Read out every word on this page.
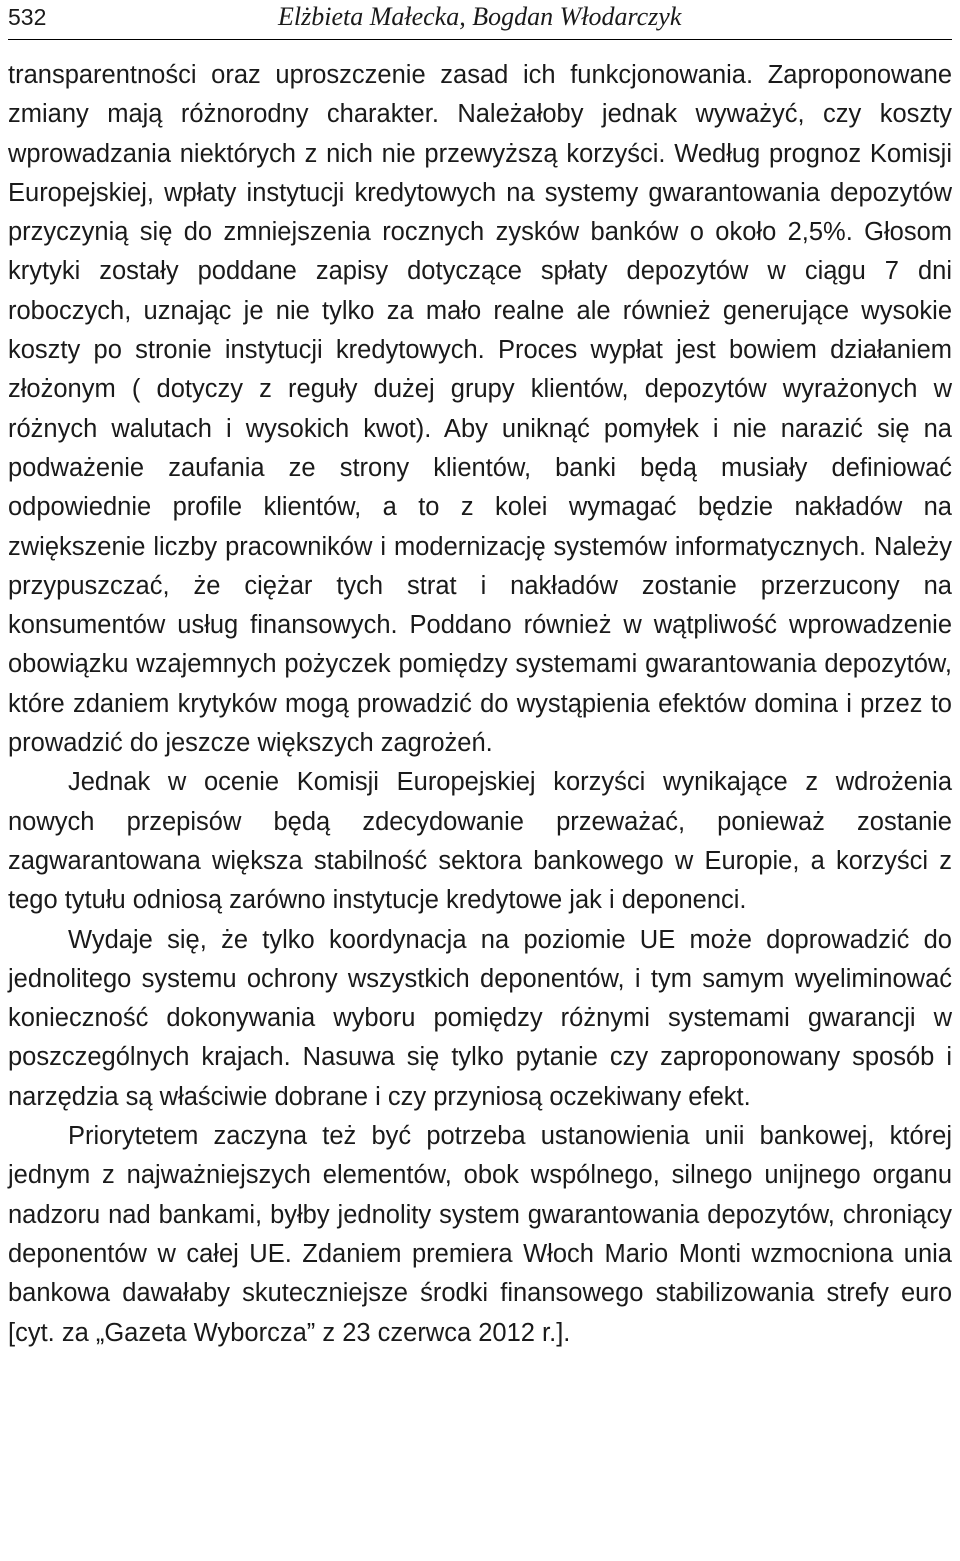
532	Elżbieta Małecka, Bogdan Włodarczyk

transparentności oraz uproszczenie zasad ich funkcjonowania. Zaproponowane zmiany mają różnorodny charakter. Należałoby jednak wyważyć, czy koszty wprowadzania niektórych z nich nie przewyższą korzyści. Według prognoz Komisji Europejskiej, wpłaty instytucji kredytowych na systemy gwarantowania depozytów przyczynią się do zmniejszenia rocznych zysków banków o około 2,5%. Głosom krytyki zostały poddane zapisy dotyczące spłaty depozytów w ciągu 7 dni roboczych, uznając je nie tylko za mało realne ale również generujące wysokie koszty po stronie instytucji kredytowych. Proces wypłat jest bowiem działaniem złożonym ( dotyczy z reguły dużej grupy klientów, depozytów wyrażonych w różnych walutach i wysokich kwot). Aby uniknąć pomyłek i nie narazić się na podważenie zaufania ze strony klientów, banki będą musiały definiować odpowiednie profile klientów, a to z kolei wymagać będzie nakładów na zwiększenie liczby pracowników i modernizację systemów informatycznych. Należy przypuszczać, że ciężar tych strat i nakładów zostanie przerzucony na konsumentów usług finansowych. Poddano również w wątpliwość wprowadzenie obowiązku wzajemnych pożyczek pomiędzy systemami gwarantowania depozytów, które zdaniem krytyków mogą prowadzić do wystąpienia efektów domina i przez to prowadzić do jeszcze większych zagrożeń.

Jednak w ocenie Komisji Europejskiej korzyści wynikające z wdrożenia nowych przepisów będą zdecydowanie przeważać, ponieważ zostanie zagwarantowana większa stabilność sektora bankowego w Europie, a korzyści z tego tytułu odniosą zarówno instytucje kredytowe jak i deponenci.

Wydaje się, że tylko koordynacja na poziomie UE może doprowadzić do jednolitego systemu ochrony wszystkich deponentów, i tym samym wyeliminować konieczność dokonywania wyboru pomiędzy różnymi systemami gwarancji w poszczególnych krajach. Nasuwa się tylko pytanie czy zaproponowany sposób i narzędzia są właściwie dobrane i czy przyniosą oczekiwany efekt.

Priorytetem zaczyna też być potrzeba ustanowienia unii bankowej, której jednym z najważniejszych elementów, obok wspólnego, silnego unijnego organu nadzoru nad bankami, byłby jednolity system gwarantowania depozytów, chroniący deponentów w całej UE. Zdaniem premiera Włoch Mario Monti wzmocniona unia bankowa dawałaby skuteczniejsze środki finansowego stabilizowania strefy euro [cyt. za „Gazeta Wyborcza” z 23 czerwca 2012 r.].
